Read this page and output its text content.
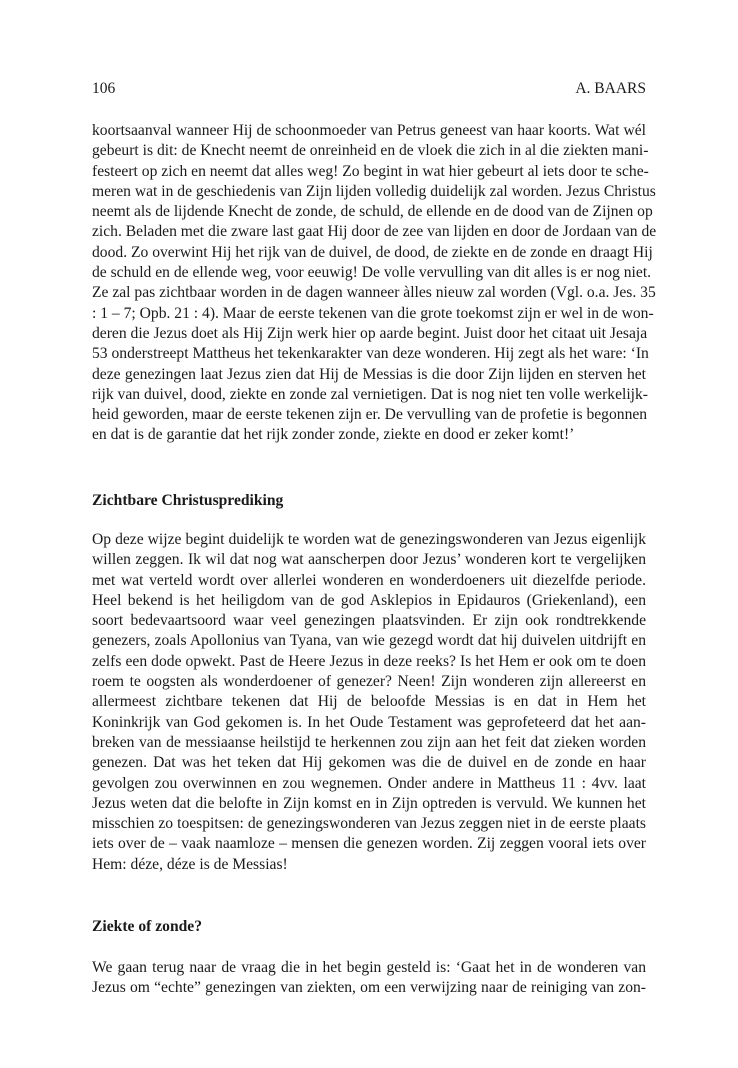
106	A. BAARS

koortsaanval wanneer Hij de schoonmoeder van Petrus geneest van haar koorts. Wat wél

gebeurt is dit: de Knecht neemt de onreinheid en de vloek die zich in al die ziekten mani-

festeert op zich en neemt dat alles weg! Zo begint in wat hier gebeurt al iets door te sche-

meren wat in de geschiedenis van Zijn lijden volledig duidelijk zal worden. Jezus Christus

neemt als de lijdende Knecht de zonde, de schuld, de ellende en de dood van de Zijnen op

zich. Beladen met die zware last gaat Hij door de zee van lijden en door de Jordaan van de

dood. Zo overwint Hij het rijk van de duivel, de dood, de ziekte en de zonde en draagt Hij

de schuld en de ellende weg, voor eeuwig! De volle vervulling van dit alles is er nog niet.

Ze zal pas zichtbaar worden in de dagen wanneer àlles nieuw zal worden (Vgl. o.a. Jes. 35

: 1 – 7; Opb. 21 : 4). Maar de eerste tekenen van die grote toekomst zijn er wel in de won-

deren die Jezus doet als Hij Zijn werk hier op aarde begint. Juist door het citaat uit Jesaja

53 onderstreept Mattheus het tekenkarakter van deze wonderen. Hij zegt als het ware: ‘In

deze genezingen laat Jezus zien dat Hij de Messias is die door Zijn lijden en sterven het

rijk van duivel, dood, ziekte en zonde zal vernietigen. Dat is nog niet ten volle werkelijk-

heid geworden, maar de eerste tekenen zijn er. De vervulling van de profetie is begonnen

en dat is de garantie dat het rijk zonder zonde, ziekte en dood er zeker komt!’

Zichtbare Christusprediking

Op deze wijze begint duidelijk te worden wat de genezingswonderen van Jezus eigenlijk

willen zeggen. Ik wil dat nog wat aanscherpen door Jezus’ wonderen kort te vergelijken

met wat verteld wordt over allerlei wonderen en wonderdoeners uit diezelfde periode.

Heel bekend is het heiligdom van de god Asklepios in Epidauros (Griekenland), een

soort bedevaartsoord waar veel genezingen plaatsvinden. Er zijn ook rondtrekkende

genezers, zoals Apollonius van Tyana, van wie gezegd wordt dat hij duivelen uitdrijft en

zelfs een dode opwekt. Past de Heere Jezus in deze reeks? Is het Hem er ook om te doen

roem te oogsten als wonderdoener of genezer? Neen! Zijn wonderen zijn allereerst en

allermeest zichtbare tekenen dat Hij de beloofde Messias is en dat in Hem het

Koninkrijk van God gekomen is. In het Oude Testament was geprofeteerd dat het aan-

breken van de messiaanse heilstijd te herkennen zou zijn aan het feit dat zieken worden

genezen. Dat was het teken dat Hij gekomen was die de duivel en de zonde en haar

gevolgen zou overwinnen en zou wegnemen. Onder andere in Mattheus 11 : 4vv. laat

Jezus weten dat die belofte in Zijn komst en in Zijn optreden is vervuld. We kunnen het

misschien zo toespitsen: de genezingswonderen van Jezus zeggen niet in de eerste plaats

iets over de – vaak naamloze – mensen die genezen worden. Zij zeggen vooral iets over

Hem: déze, déze is de Messias!

Ziekte of zonde?

We gaan terug naar de vraag die in het begin gesteld is: ‘Gaat het in de wonderen van

Jezus om “echte” genezingen van ziekten, om een verwijzing naar de reiniging van zon-
